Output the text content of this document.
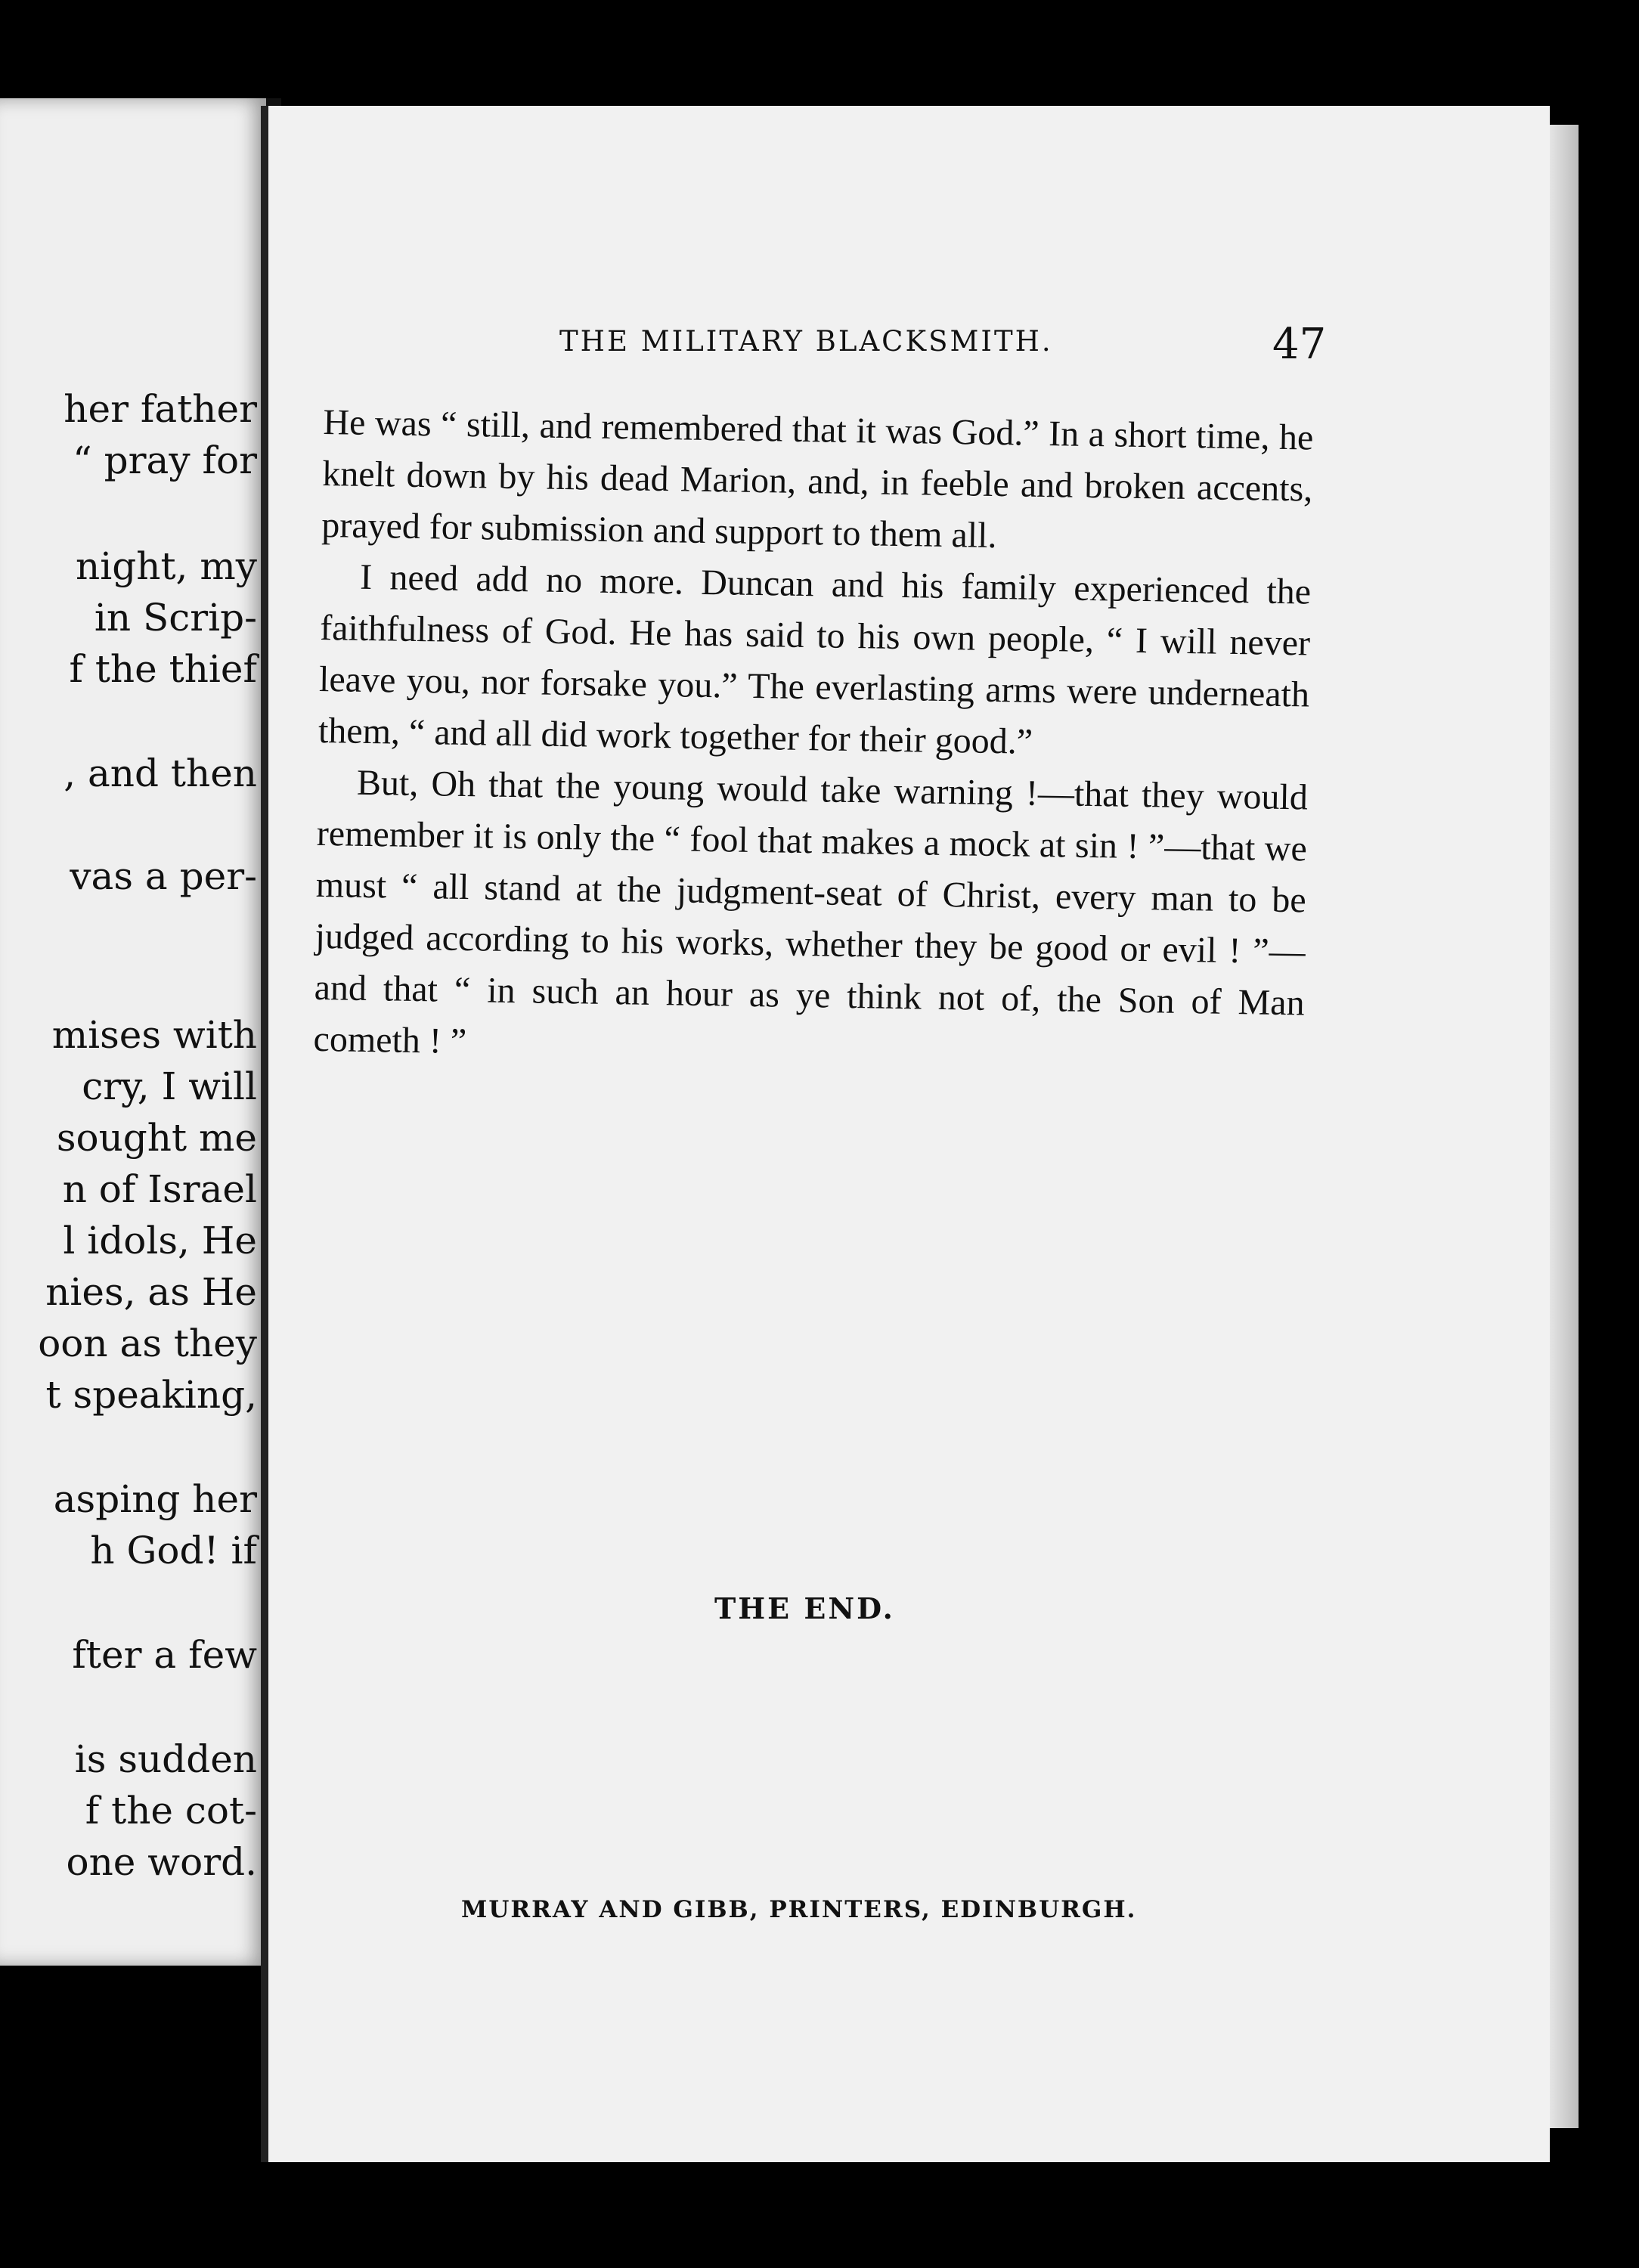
her father
“ pray for
night, my
in Scrip-
f the thief
, and then
vas a per-
mises with
cry, I will
sought me
n of Israel
l idols, He
nies, as He
oon as they
t speaking,
asping her
h God! if
fter a few
is sudden
f the cot-
one word.
THE MILITARY BLACKSMITH.	47

He was “ still, and remembered that it was God.” In a short time, he knelt down by his dead Marion, and, in feeble and broken accents, prayed for submission and support to them all.

I need add no more. Duncan and his family experienced the faithfulness of God. He has said to his own people, “ I will never leave you, nor forsake you.” The everlasting arms were underneath them, “ and all did work together for their good.”

But, Oh that the young would take warning !—that they would remember it is only the “ fool that makes a mock at sin ! ”—that we must “ all stand at the judgment-seat of Christ, every man to be judged according to his works, whether they be good or evil ! ”—and that “ in such an hour as ye think not of, the Son of Man cometh ! ”

THE END.
MURRAY AND GIBB, PRINTERS, EDINBURGH.
